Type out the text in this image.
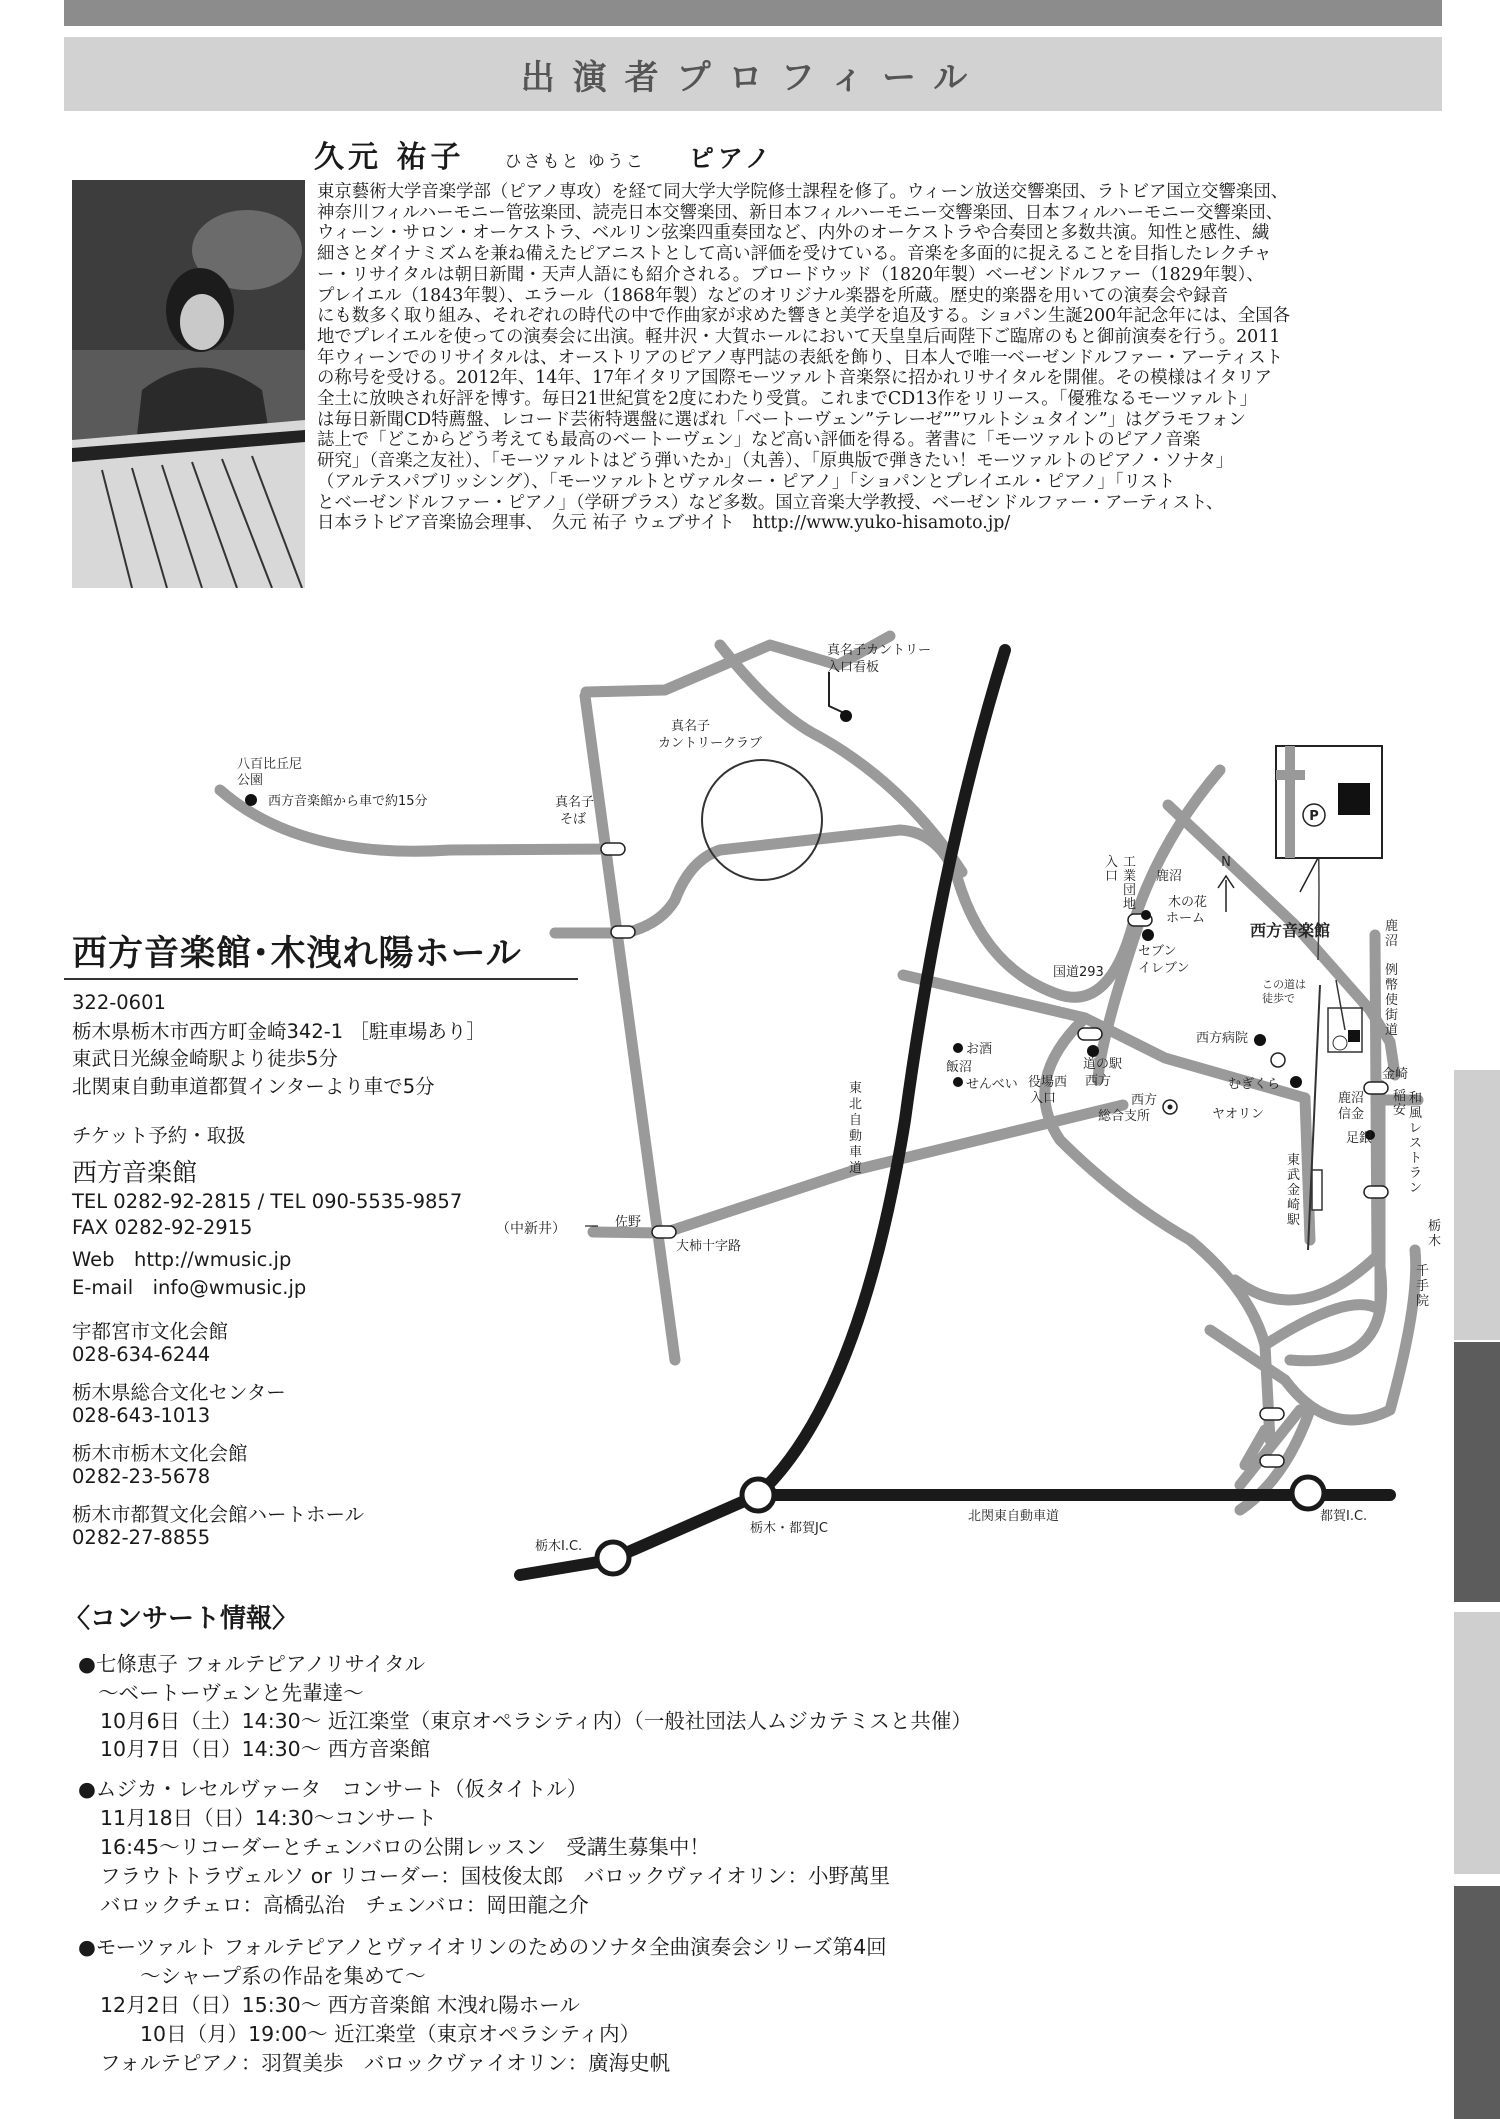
出演者プロフィール
久元 祐子 ひさもと ゆうこ ピアノ
東京藝術大学音楽学部（ピアノ専攻）を経て同大学大学院修士課程を修了。ウィーン放送交響楽団、ラトビア国立交響楽団、
神奈川フィルハーモニー管弦楽団、読売日本交響楽団、新日本フィルハーモニー交響楽団、日本フィルハーモニー交響楽団、
ウィーン・サロン・オーケストラ、ベルリン弦楽四重奏団など、内外のオーケストラや合奏団と多数共演。知性と感性、繊
細さとダイナミズムを兼ね備えたピアニストとして高い評価を受けている。音楽を多面的に捉えることを目指したレクチャ
ー・リサイタルは朝日新聞・天声人語にも紹介される。ブロードウッド（1820年製）ベーゼンドルファー（1829年製）、
プレイエル（1843年製）、エラール（1868年製）などのオリジナル楽器を所蔵。歴史的楽器を用いての演奏会や録音
にも数多く取り組み、それぞれの時代の中で作曲家が求めた響きと美学を追及する。ショパン生誕200年記念年には、全国各
地でプレイエルを使っての演奏会に出演。軽井沢・大賀ホールにおいて天皇皇后両陛下ご臨席のもと御前演奏を行う。2011
年ウィーンでのリサイタルは、オーストリアのピアノ専門誌の表紙を飾り、日本人で唯一ベーゼンドルファー・アーティスト
の称号を受ける。2012年、14年、17年イタリア国際モーツァルト音楽祭に招かれリサイタルを開催。その模様はイタリア
全土に放映され好評を博す。毎日21世紀賞を2度にわたり受賞。これまでCD13作をリリース。「優雅なるモーツァルト」
は毎日新聞CD特薦盤、レコード芸術特選盤に選ばれ「ベートーヴェン”テレーゼ””ワルトシュタイン”」はグラモフォン
誌上で「どこからどう考えても最高のベートーヴェン」など高い評価を得る。著書に「モーツァルトのピアノ音楽
研究」（音楽之友社）、「モーツァルトはどう弾いたか」（丸善）、「原典版で弾きたい！モーツァルトのピアノ・ソナタ」
（アルテスパブリッシング）、「モーツァルトとヴァルター・ピアノ」「ショパンとプレイエル・ピアノ」「リスト
とベーゼンドルファー・ピアノ」（学研プラス）など多数。国立音楽大学教授、ベーゼンドルファー・アーティスト、
日本ラトビア音楽協会理事、　久元 祐子 ウェブサイト　http://www.yuko-hisamoto.jp/
P
N
真名子カントリー
入口看板
真名子
カントリークラブ
八百比丘尼
公園
西方音楽館から車で約15分	真名子
そば
入
口
工
業
団
地
鹿沼
木の花
ホーム
セブン
イレブン
国道293
西方音楽館	鹿
沼
例
幣
使
街
道
この道は
徒歩で
西方病院
役場西
入口
お酒
飯沼
せんべい
道の駅
西方
西方
総合支所
むぎくら
ヤオリン
鹿沼
信金
金崎
稲
安
和
風
レ
ス
ト
ラ
ン
足銀
東
武
金
崎
駅
東
北
自
動
車
道
佐野
大柿十字路
栃
木
千
手
院
栃木・都賀JC
北関東自動車道
栃木I.C.
都賀I.C.
西方音楽館･木洩れ陽ホール
322-0601
栃木県栃木市西方町金崎342-1 ［駐車場あり］
東武日光線金崎駅より徒歩5分
北関東自動車道都賀インターより車で5分
チケット予約・取扱
西方音楽館
TEL 0282-92-2815 / TEL 090-5535-9857
（中新井）
FAX 0282-92-2915
Web　http://wmusic.jp
E-mail　info@wmusic.jp
宇都宮市文化会館
028-634-6244
栃木県総合文化センター
028-643-1013
栃木市栃木文化会館
0282-23-5678
栃木市都賀文化会館ハートホール
0282-27-8855
〈コンサート情報〉
●七條恵子 フォルテピアノリサイタル
～ベートーヴェンと先輩達～
10月6日（土）14:30～ 近江楽堂（東京オペラシティ内）（一般社団法人ムジカテミスと共催）
10月7日（日）14:30～ 西方音楽館
●ムジカ・レセルヴァータ　コンサート（仮タイトル）
11月18日（日）14:30～コンサート
16:45～リコーダーとチェンバロの公開レッスン　受講生募集中！
フラウトトラヴェルソ or リコーダー：国枝俊太郎　バロックヴァイオリン：小野萬里
バロックチェロ：高橋弘治　チェンバロ：岡田龍之介
●モーツァルト フォルテピアノとヴァイオリンのためのソナタ全曲演奏会シリーズ第4回
～シャープ系の作品を集めて～
12月2日（日）15:30～ 西方音楽館 木洩れ陽ホール
10日（月）19:00～ 近江楽堂（東京オペラシティ内）
フォルテピアノ：羽賀美歩　バロックヴァイオリン：廣海史帆
